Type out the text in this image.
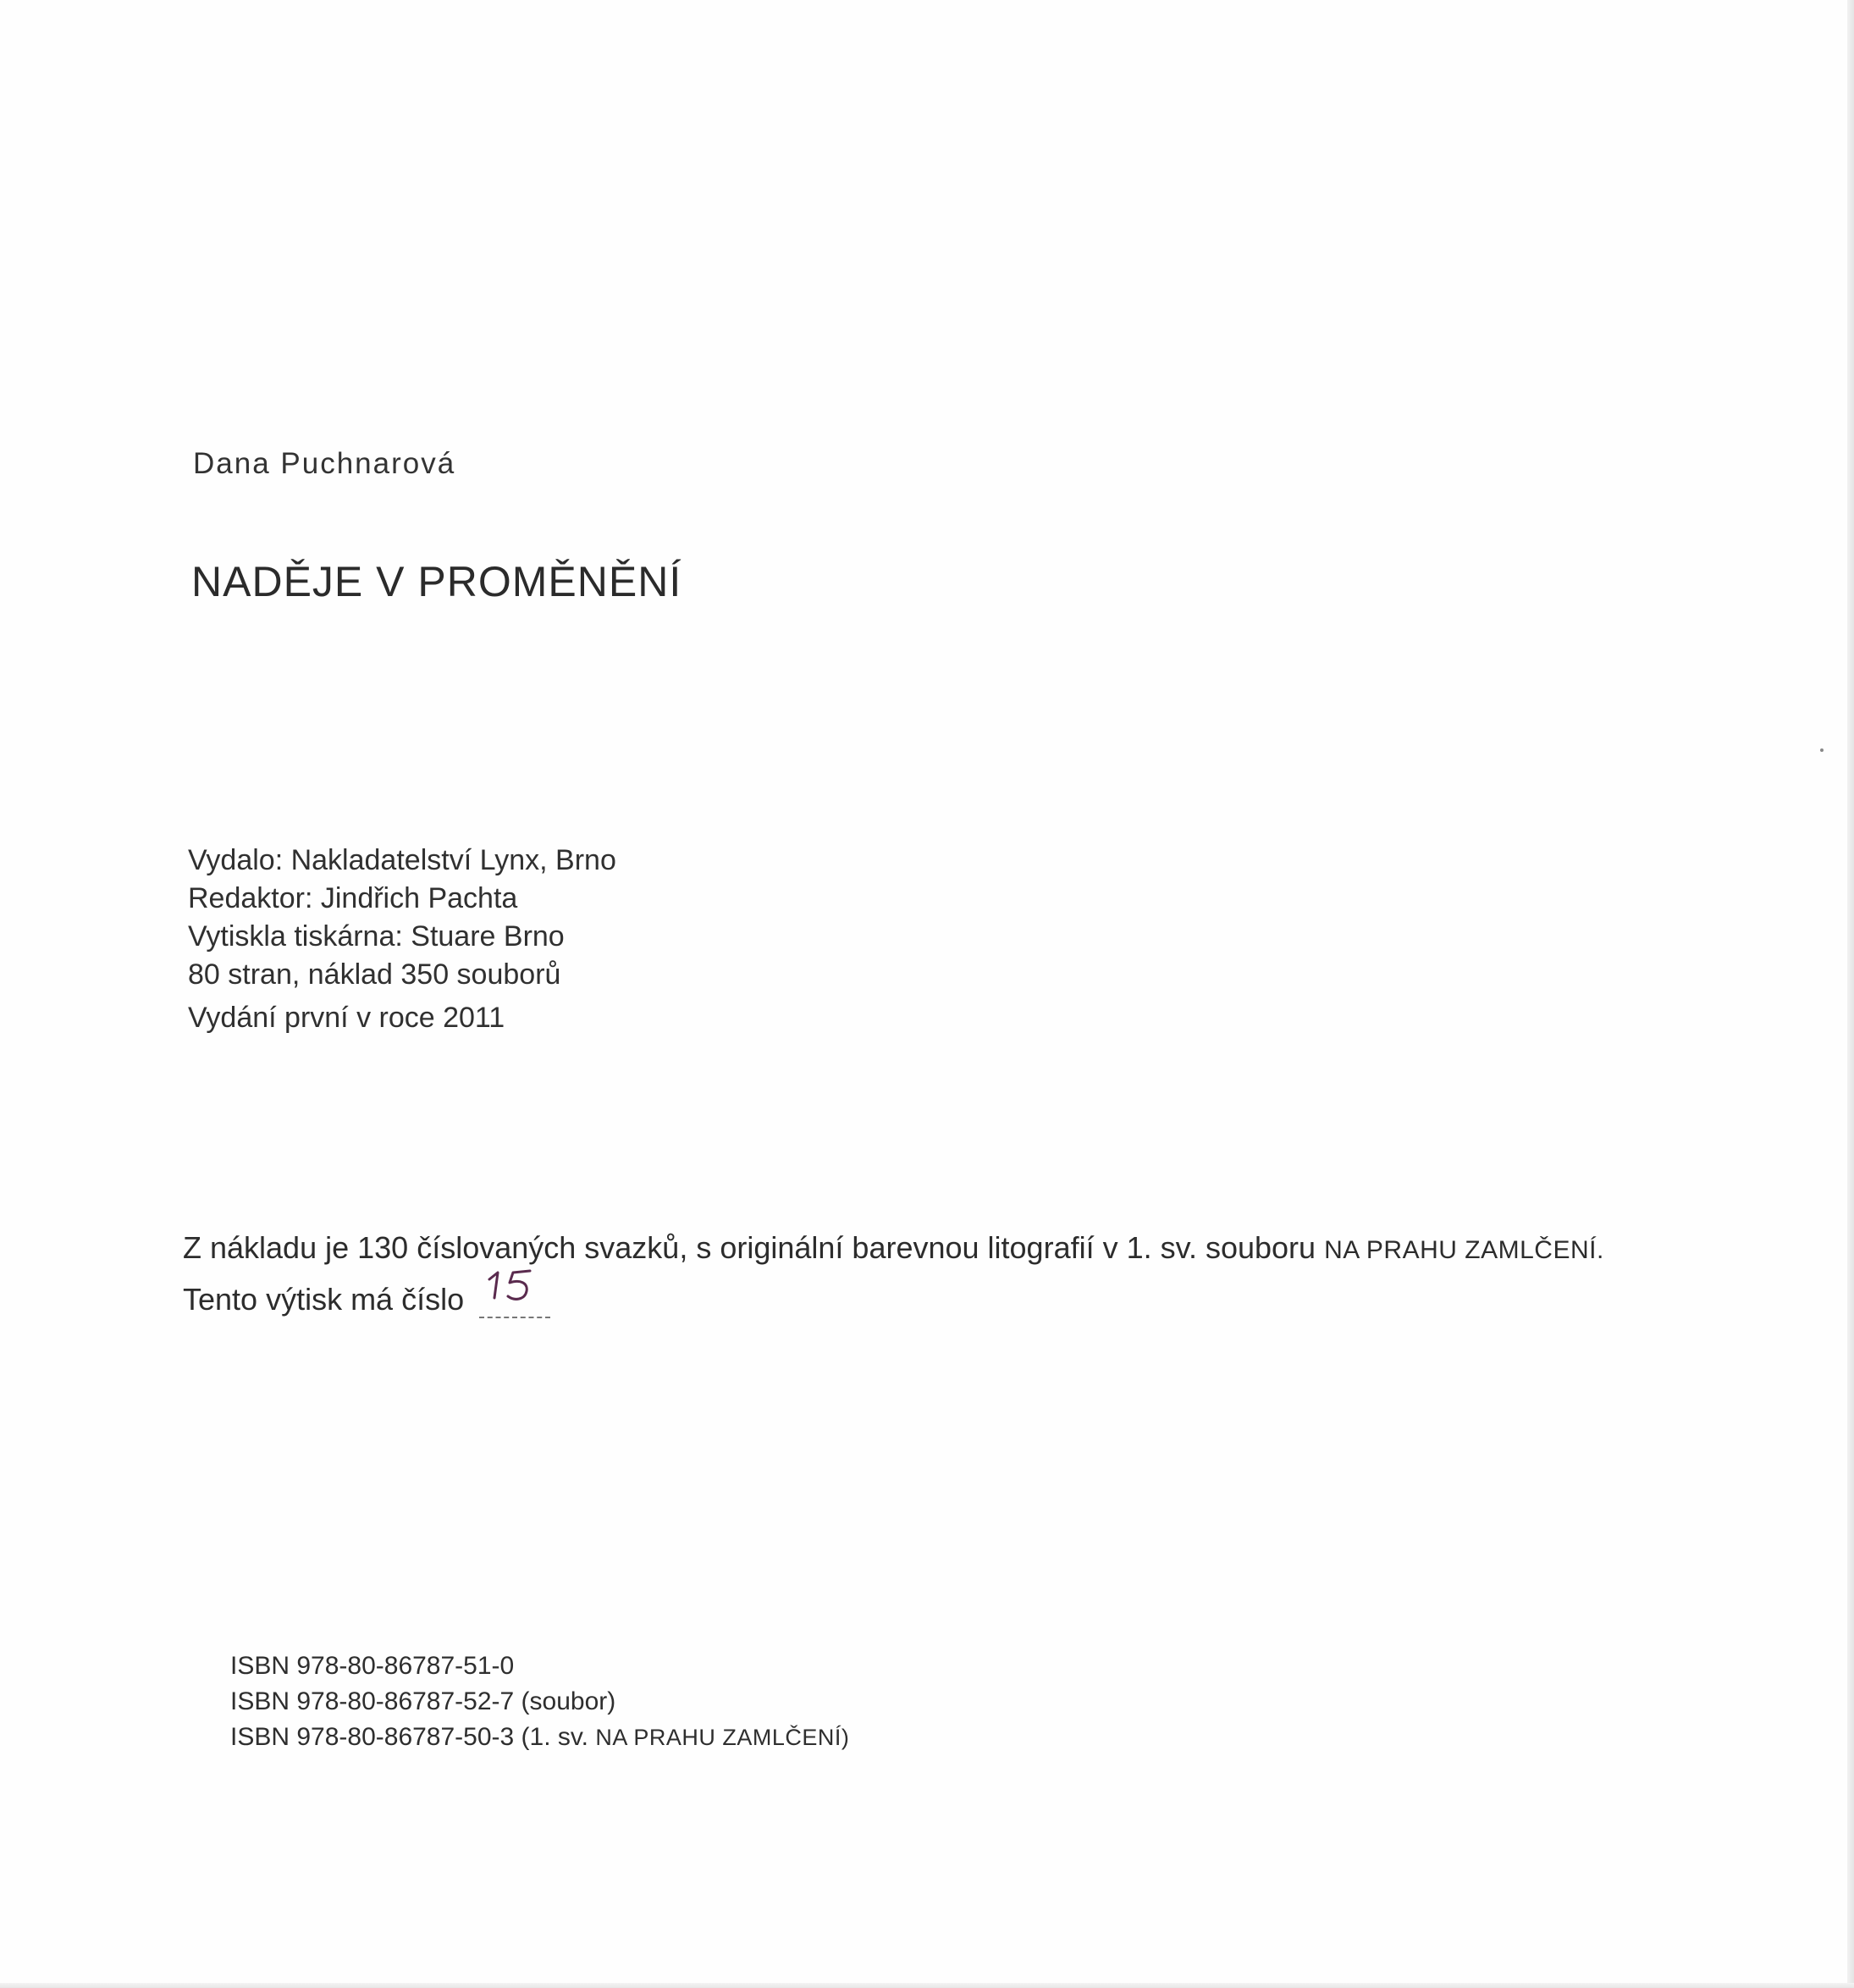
Dana Puchnarová
NADĚJE V PROMĚNĚNÍ
Vydalo: Nakladatelství Lynx, Brno
Redaktor: Jindřich Pachta
Vytiskla tiskárna: Stuare Brno
80 stran, náklad 350 souborů
Vydání první v roce 2011
Z nákladu je 130 číslovaných svazků, s originální barevnou litografií v 1. sv. souboru NA PRAHU ZAMLČENÍ.
Tento výtisk má číslo
ISBN 978-80-86787-51-0
ISBN 978-80-86787-52-7 (soubor)
ISBN 978-80-86787-50-3 (1. sv. NA PRAHU ZAMLČENÍ)
